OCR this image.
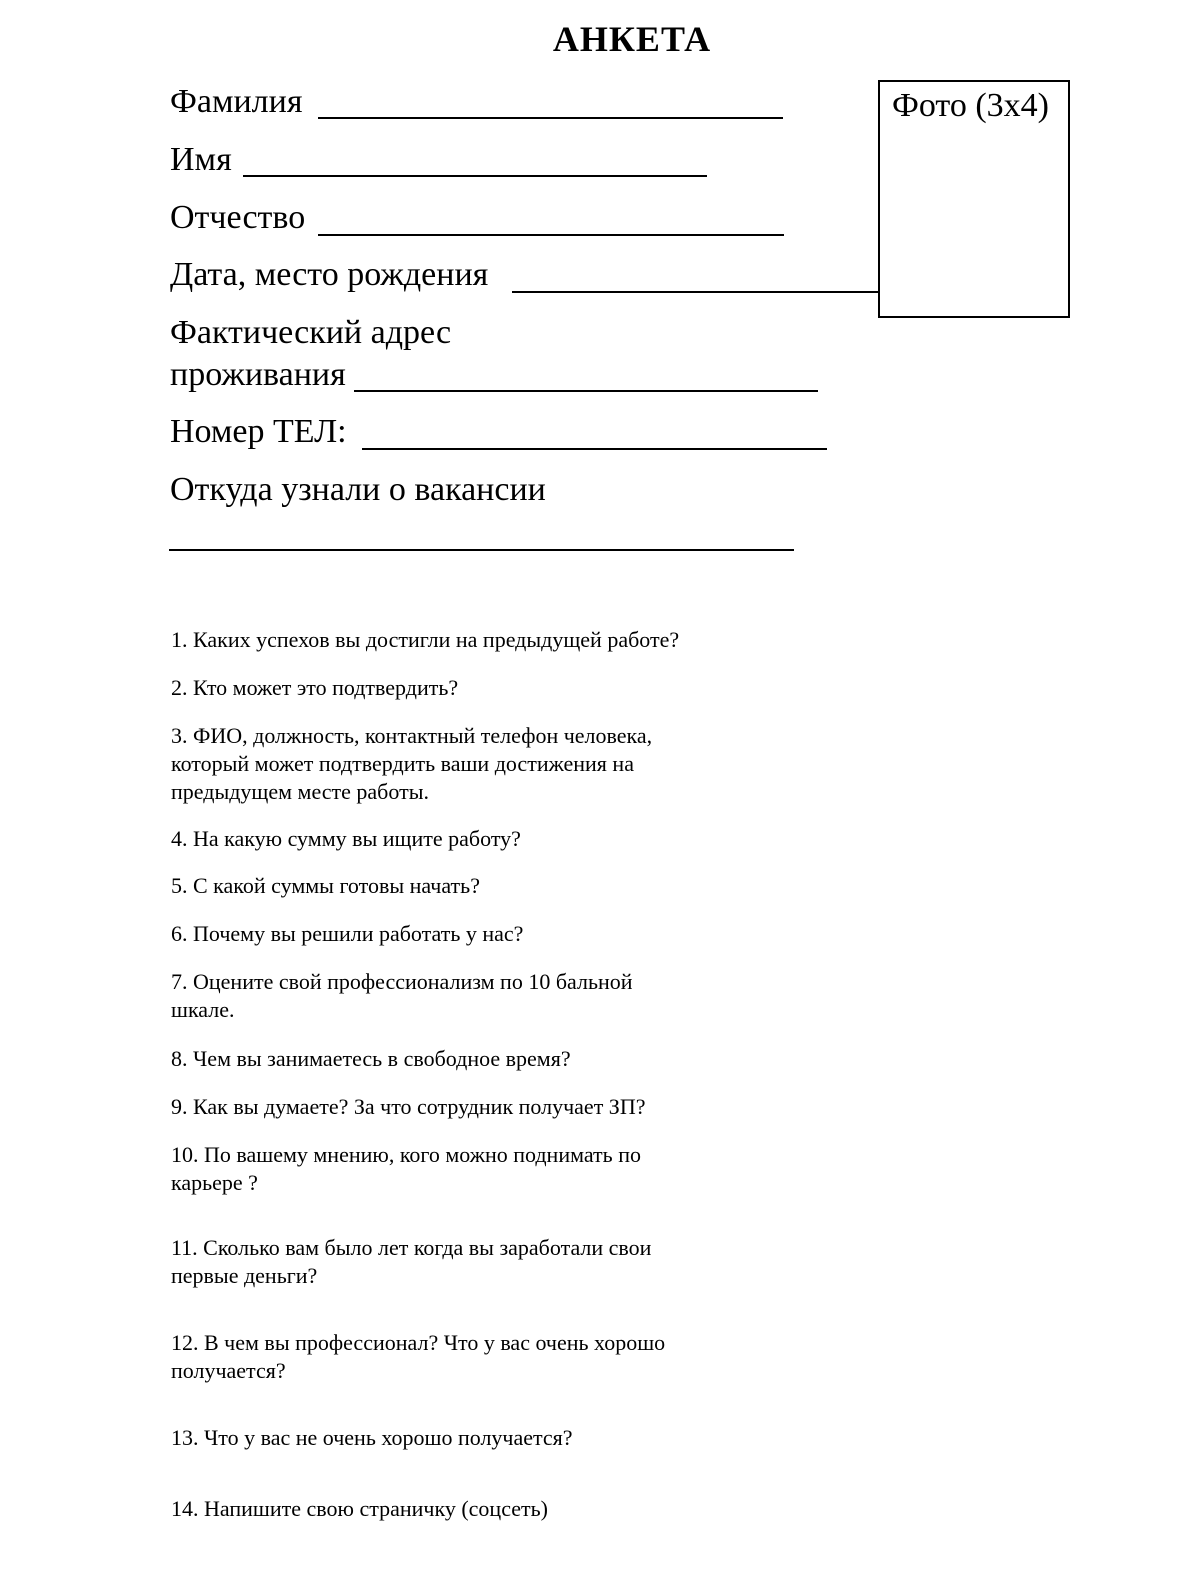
АНКЕТА
Фото (3х4)
Фамилия
Имя
Отчество
Дата, место рождения
Фактический адрес
проживания
Номер ТЕЛ:
Откуда узнали о вакансии
1. Каких успехов вы достигли на предыдущей работе?
2. Кто может это подтвердить?
3. ФИО, должность, контактный телефон человека,
который может подтвердить ваши достижения на
предыдущем месте работы.
4. На какую сумму вы ищите работу?
5. С какой суммы готовы начать?
6. Почему вы решили работать у нас?
7. Оцените свой профессионализм по 10 бальной
шкале.
8. Чем вы занимаетесь в свободное время?
9. Как вы думаете? За что сотрудник получает ЗП?
10. По вашему мнению, кого можно поднимать по
карьере ?
11. Сколько вам было лет когда вы заработали свои
первые деньги?
12. В чем вы профессионал? Что у вас очень хорошо
получается?
13. Что у вас не очень хорошо получается?
14. Напишите свою страничку (соцсеть)
